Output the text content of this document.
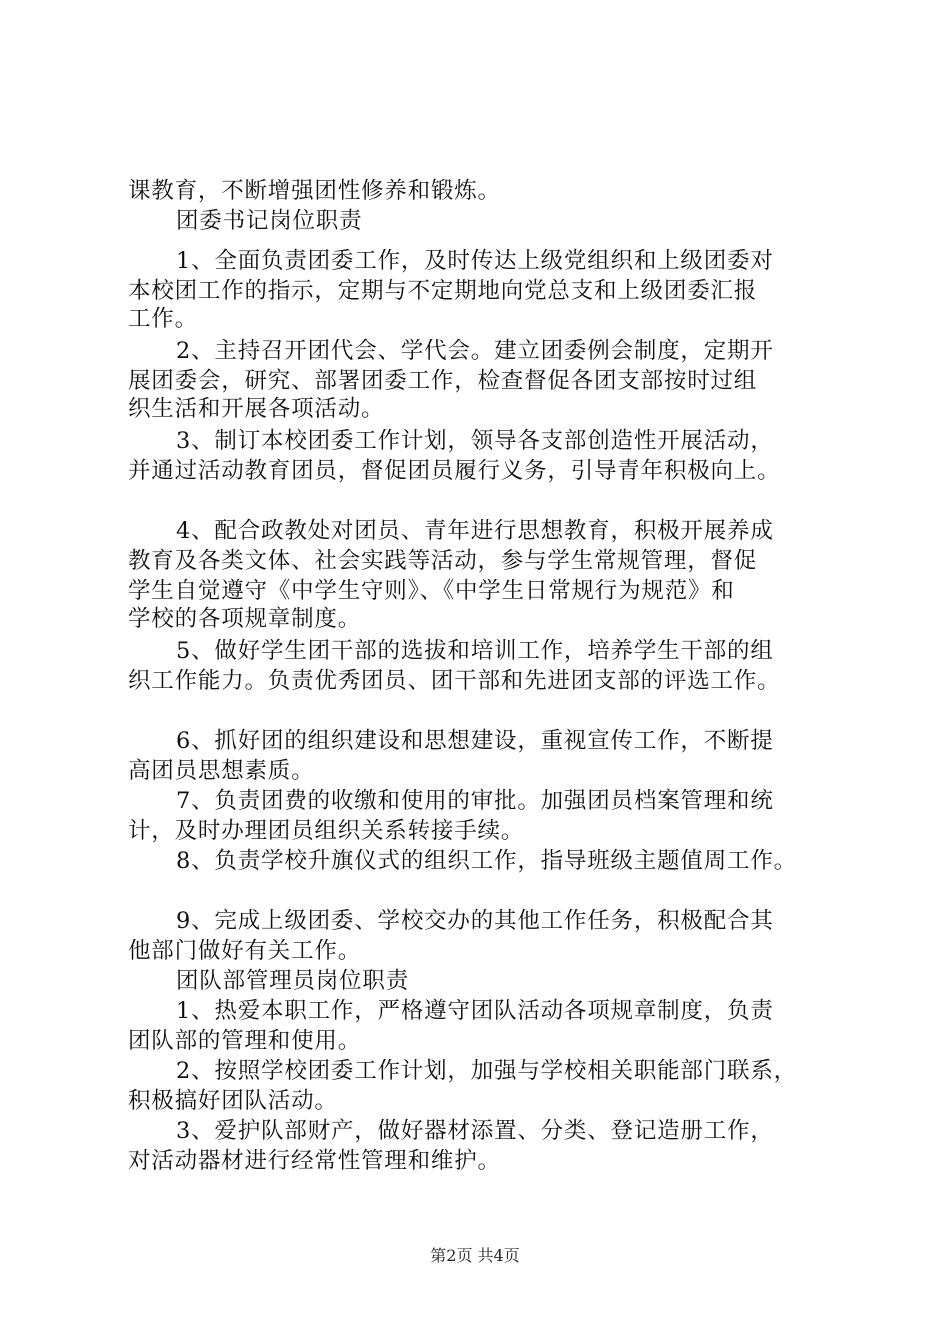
课教育，不断增强团性修养和锻炼。
团委书记岗位职责
1、全面负责团委工作，及时传达上级党组织和上级团委对
本校团工作的指示，定期与不定期地向党总支和上级团委汇报
工作。
2、主持召开团代会、学代会。建立团委例会制度，定期开
展团委会，研究、部署团委工作，检查督促各团支部按时过组
织生活和开展各项活动。
3、制订本校团委工作计划，领导各支部创造性开展活动，
并通过活动教育团员，督促团员履行义务，引导青年积极向上。
4、配合政教处对团员、青年进行思想教育，积极开展养成
教育及各类文体、社会实践等活动，参与学生常规管理，督促
学生自觉遵守《中学生守则》、《中学生日常规行为规范》和
学校的各项规章制度。
5、做好学生团干部的选拔和培训工作，培养学生干部的组
织工作能力。负责优秀团员、团干部和先进团支部的评选工作。
6、抓好团的组织建设和思想建设，重视宣传工作，不断提
高团员思想素质。
7、负责团费的收缴和使用的审批。加强团员档案管理和统
计，及时办理团员组织关系转接手续。
8、负责学校升旗仪式的组织工作，指导班级主题值周工作。
9、完成上级团委、学校交办的其他工作任务，积极配合其
他部门做好有关工作。
团队部管理员岗位职责
1、热爱本职工作，严格遵守团队活动各项规章制度，负责
团队部的管理和使用。
2、按照学校团委工作计划，加强与学校相关职能部门联系，
积极搞好团队活动。
3、爱护队部财产，做好器材添置、分类、登记造册工作，
对活动器材进行经常性管理和维护。
第2页 共4页
